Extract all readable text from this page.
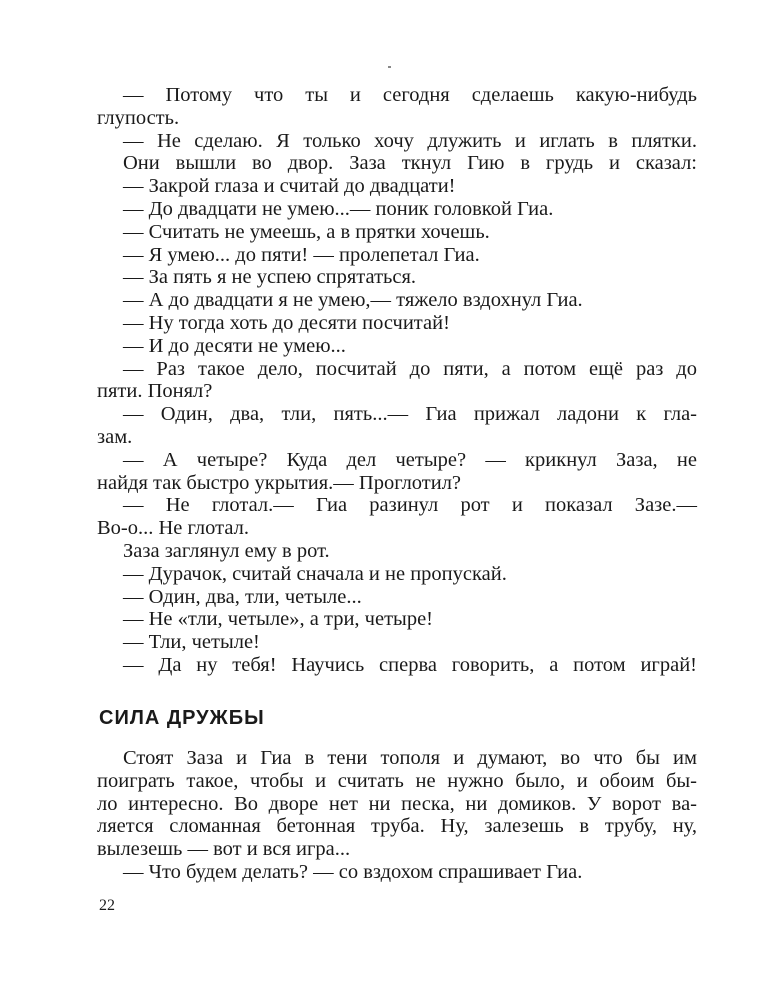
— Потому что ты и сегодня сделаешь какую-нибудь
глупость.
— Не сделаю. Я только хочу длужить и иглать в плятки.
Они вышли во двор. Заза ткнул Гию в грудь и сказал:
— Закрой глаза и считай до двадцати!
— До двадцати не умею...— поник головкой Гиа.
— Считать не умеешь, а в прятки хочешь.
— Я умею... до пяти! — пролепетал Гиа.
— За пять я не успею спрятаться.
— А до двадцати я не умею,— тяжело вздохнул Гиа.
— Ну тогда хоть до десяти посчитай!
— И до десяти не умею...
— Раз такое дело, посчитай до пяти, а потом ещё раз до
пяти. Понял?
— Один, два, тли, пять...— Гиа прижал ладони к гла-
зам.
— А четыре? Куда дел четыре? — крикнул Заза, не
найдя так быстро укрытия.— Проглотил?
— Не глотал.— Гиа разинул рот и показал Зазе.—
Во-о... Не глотал.
Заза заглянул ему в рот.
— Дурачок, считай сначала и не пропускай.
— Один, два, тли, четыле...
— Не «тли, четыле», а три, четыре!
— Тли, четыле!
— Да ну тебя! Научись сперва говорить, а потом играй!
СИЛА ДРУЖБЫ
Стоят Заза и Гиа в тени тополя и думают, во что бы им
поиграть такое, чтобы и считать не нужно было, и обоим бы-
ло интересно. Во дворе нет ни песка, ни домиков. У ворот ва-
ляется сломанная бетонная труба. Ну, залезешь в трубу, ну,
вылезешь — вот и вся игра...
— Что будем делать? — со вздохом спрашивает Гиа.
22
